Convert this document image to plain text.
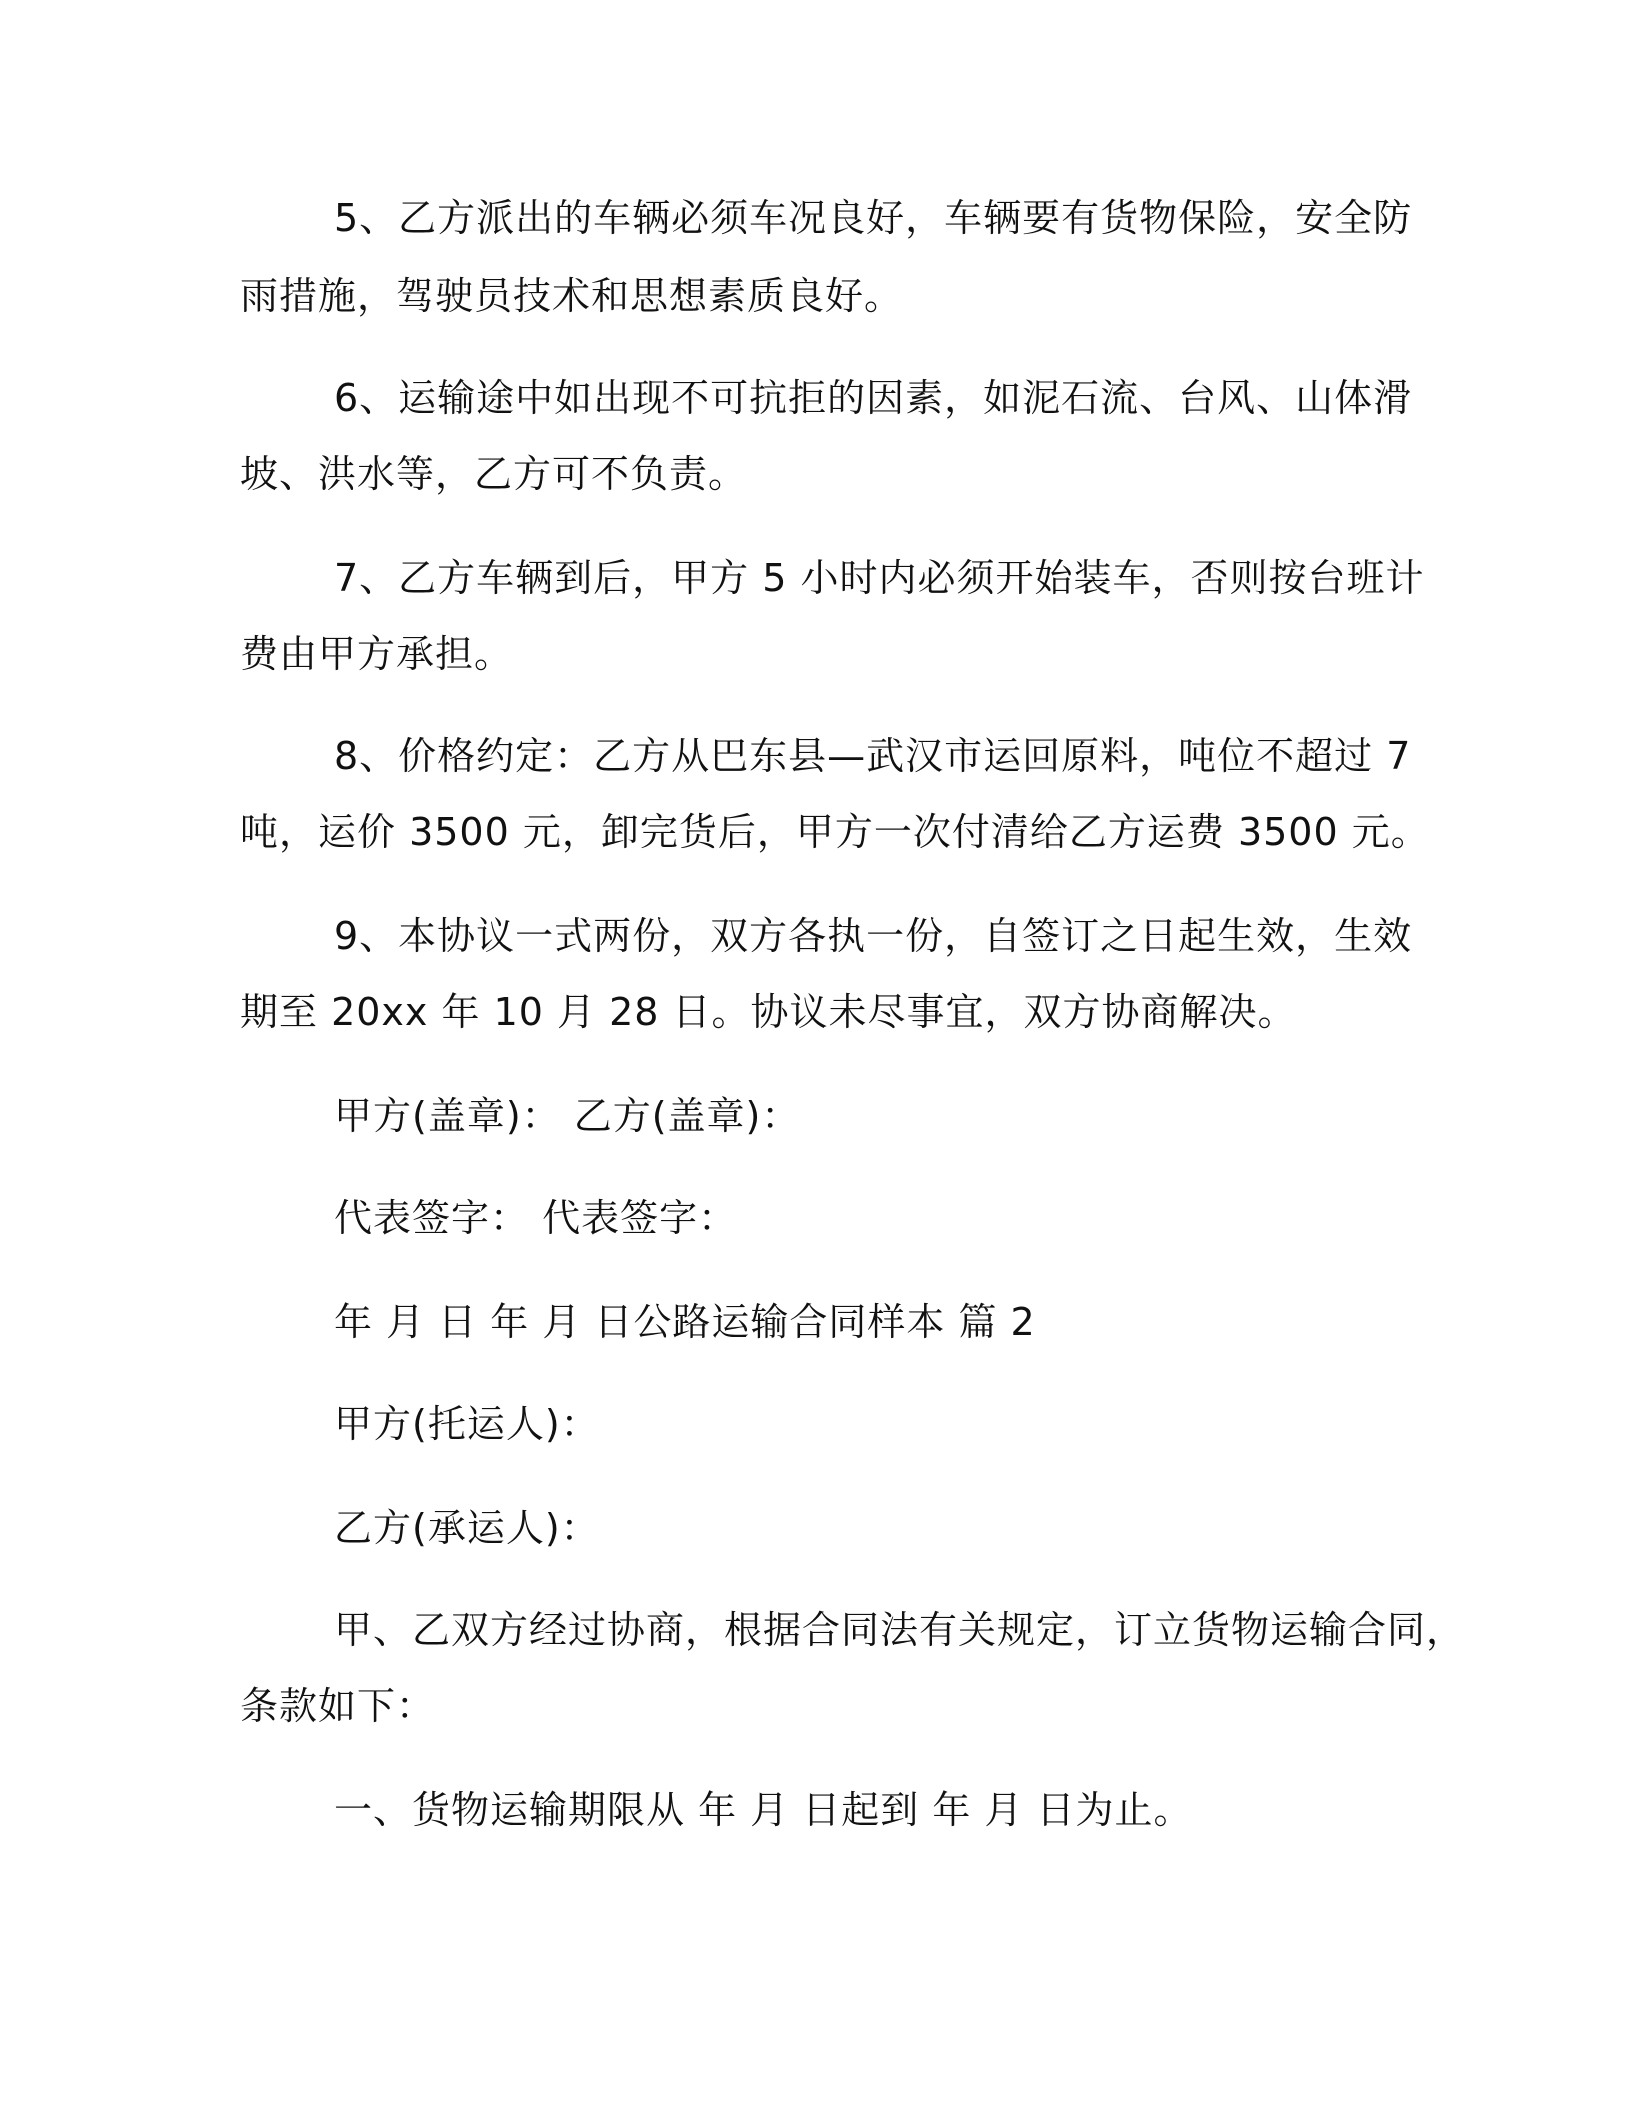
5、乙方派出的车辆必须车况良好，车辆要有货物保险，安全防

雨措施，驾驶员技术和思想素质良好。

6、运输途中如出现不可抗拒的因素，如泥石流、台风、山体滑

坡、洪水等，乙方可不负责。

7、乙方车辆到后，甲方 5 小时内必须开始装车，否则按台班计

费由甲方承担。

8、价格约定：乙方从巴东县—武汉市运回原料，吨位不超过 7

吨，运价 3500 元，卸完货后，甲方一次付清给乙方运费 3500 元。

9、本协议一式两份，双方各执一份，自签订之日起生效，生效

期至 20xx 年 10 月 28 日。协议未尽事宜，双方协商解决。

甲方(盖章)： 乙方(盖章)：

代表签字： 代表签字：

年 月 日 年 月 日公路运输合同样本 篇 2

甲方(托运人)：

乙方(承运人)：

甲、乙双方经过协商，根据合同法有关规定，订立货物运输合同，

条款如下：

一、货物运输期限从 年 月 日起到 年 月 日为止。
